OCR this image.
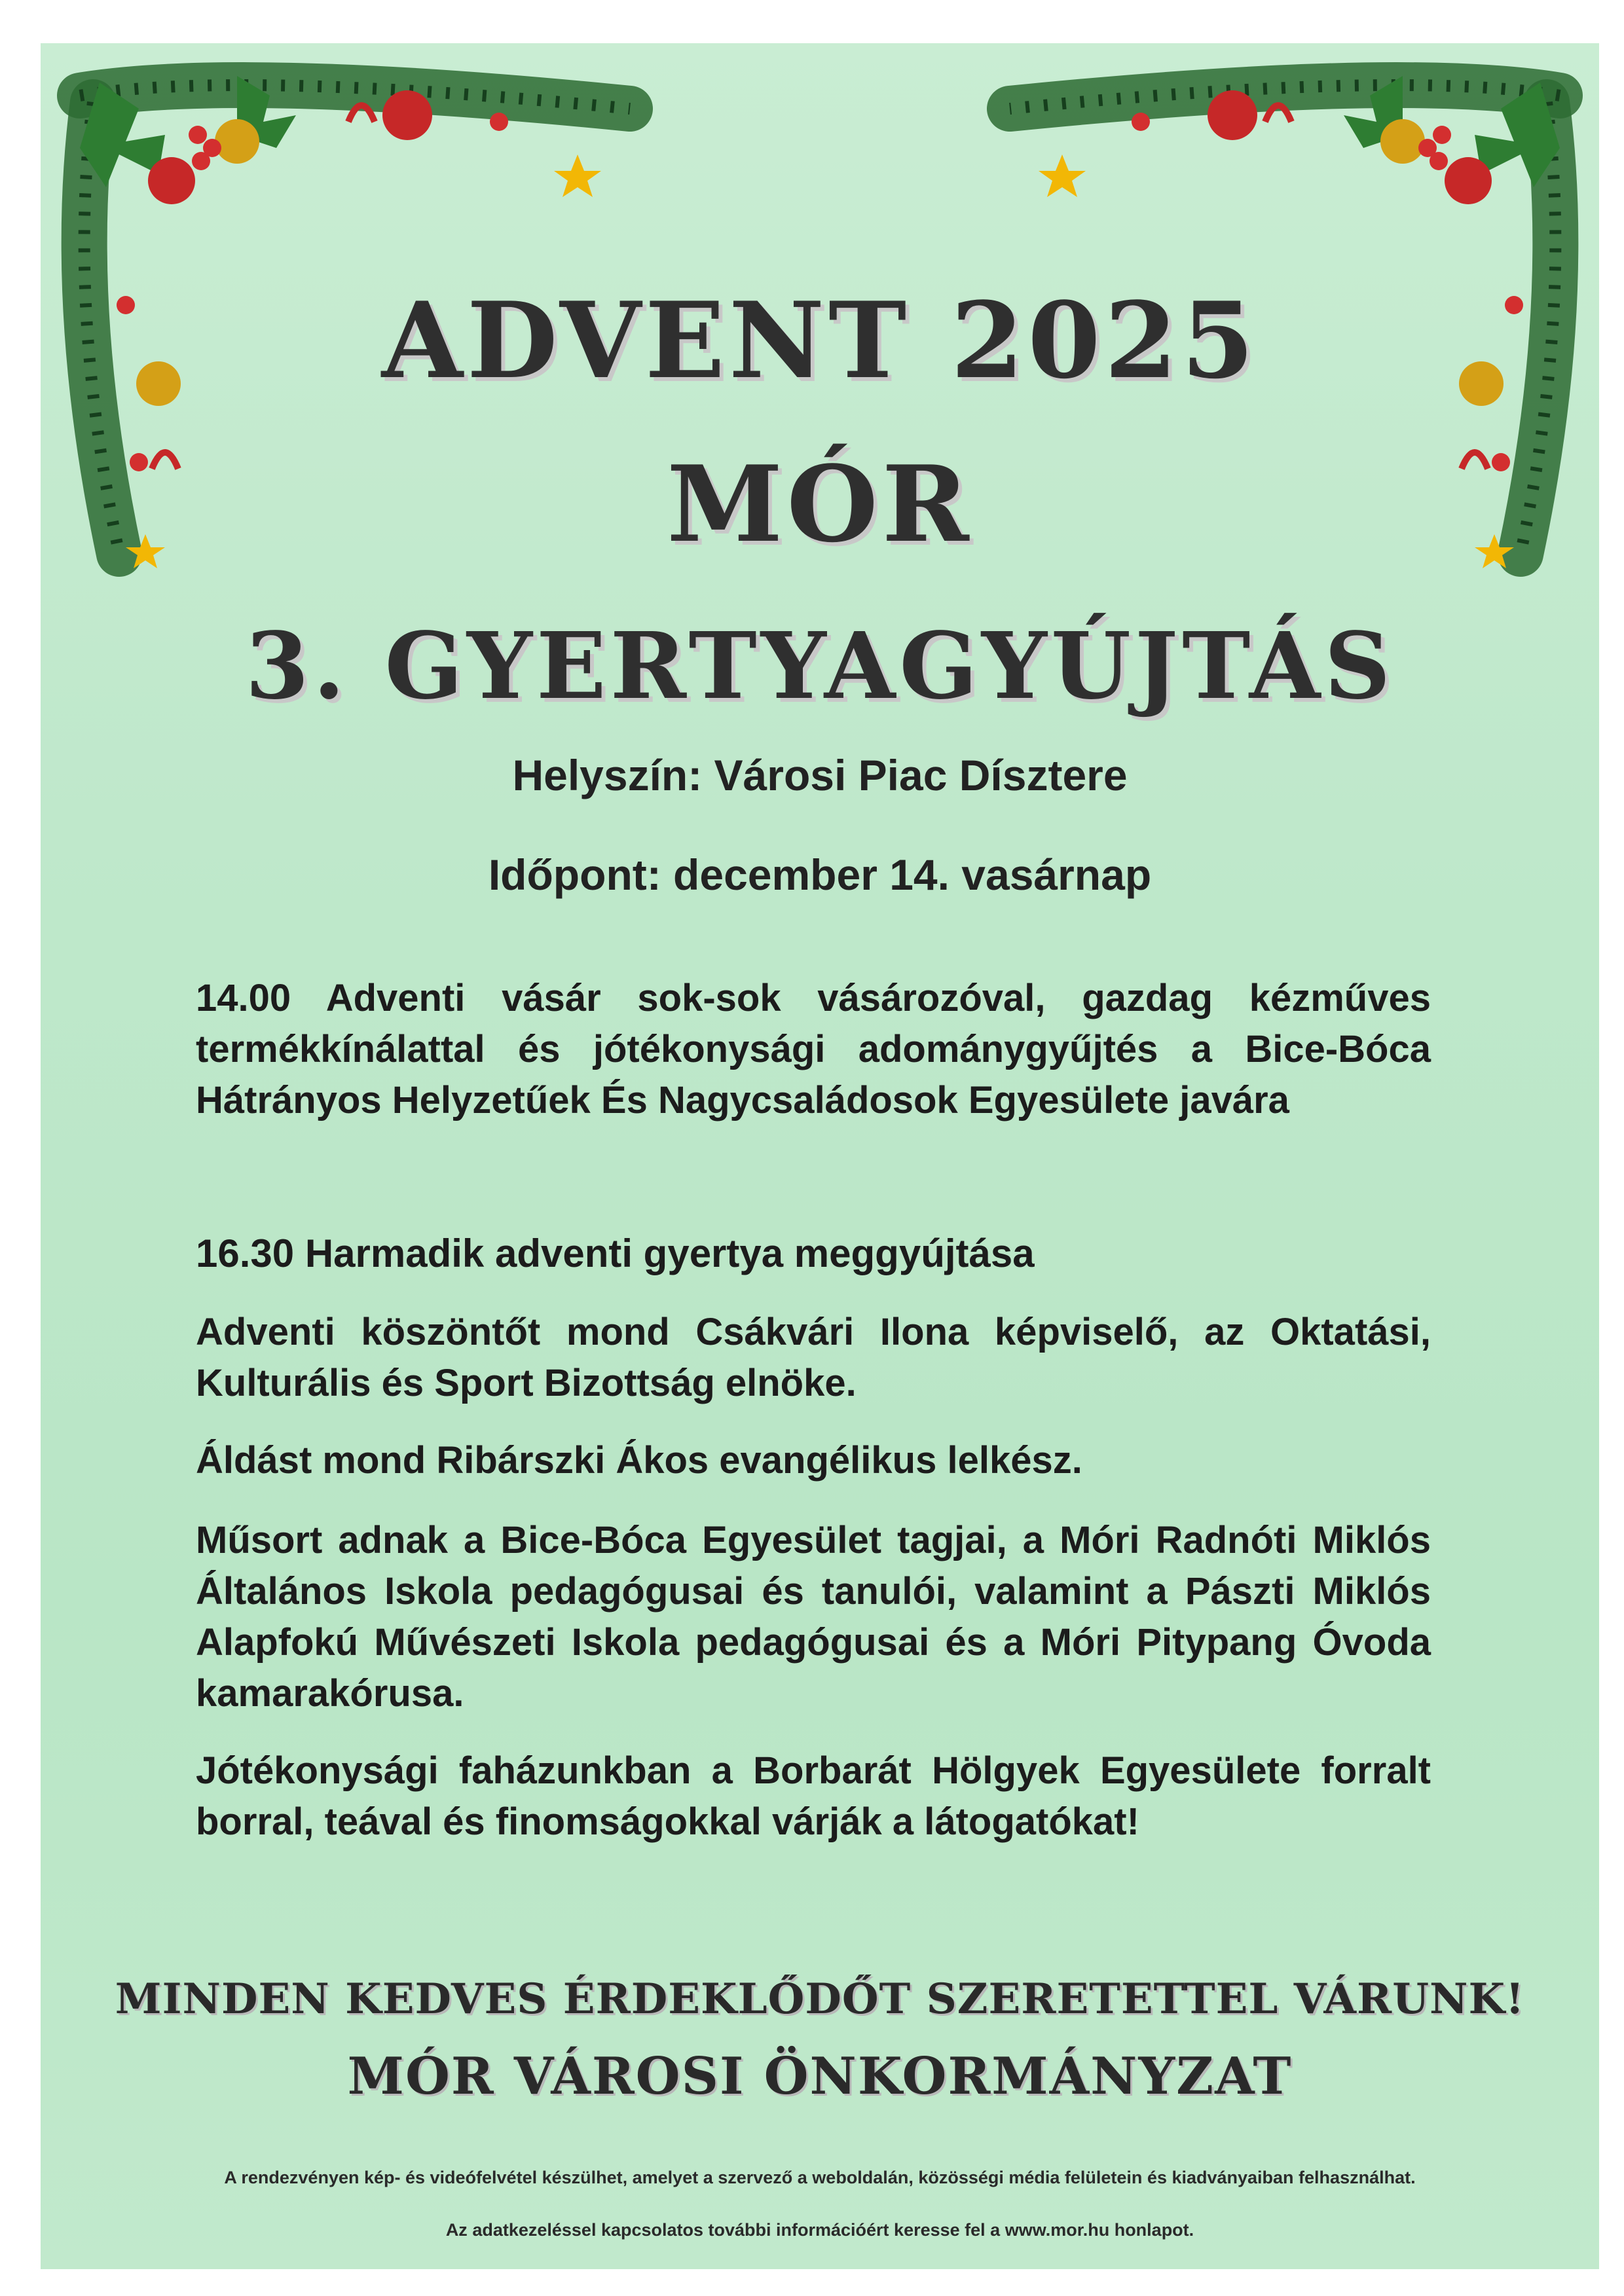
ADVENT 2025
MÓR
3. GYERTYAGYÚJTÁS
Helyszín: Városi Piac Dísztere
Időpont: december 14. vasárnap
14.00 Adventi vásár sok-sok vásározóval, gazdag kézműves termékkínálattal és jótékonysági adománygyűjtés a Bice-Bóca Hátrányos Helyzetűek És Nagycsaládosok Egyesülete javára
16.30 Harmadik adventi gyertya meggyújtása
Adventi köszöntőt mond Csákvári Ilona képviselő, az Oktatási, Kulturális és Sport Bizottság elnöke.
Áldást mond Ribárszki Ákos evangélikus lelkész.
Műsort adnak a Bice-Bóca Egyesület tagjai, a Móri Radnóti Miklós Általános Iskola pedagógusai és tanulói, valamint a Pászti Miklós Alapfokú Művészeti Iskola pedagógusai és a Móri Pitypang Óvoda kamarakórusa.
Jótékonysági faházunkban a Borbarát Hölgyek Egyesülete forralt borral, teával és finomságokkal várják a látogatókat!
MINDEN KEDVES ÉRDEKLŐDŐT SZERETETTEL VÁRUNK!
MÓR VÁROSI ÖNKORMÁNYZAT
A rendezvényen kép- és videófelvétel készülhet, amelyet a szervező a weboldalán, közösségi média felületein és kiadványaiban felhasználhat.
Az adatkezeléssel kapcsolatos további információért keresse fel a www.mor.hu honlapot.
